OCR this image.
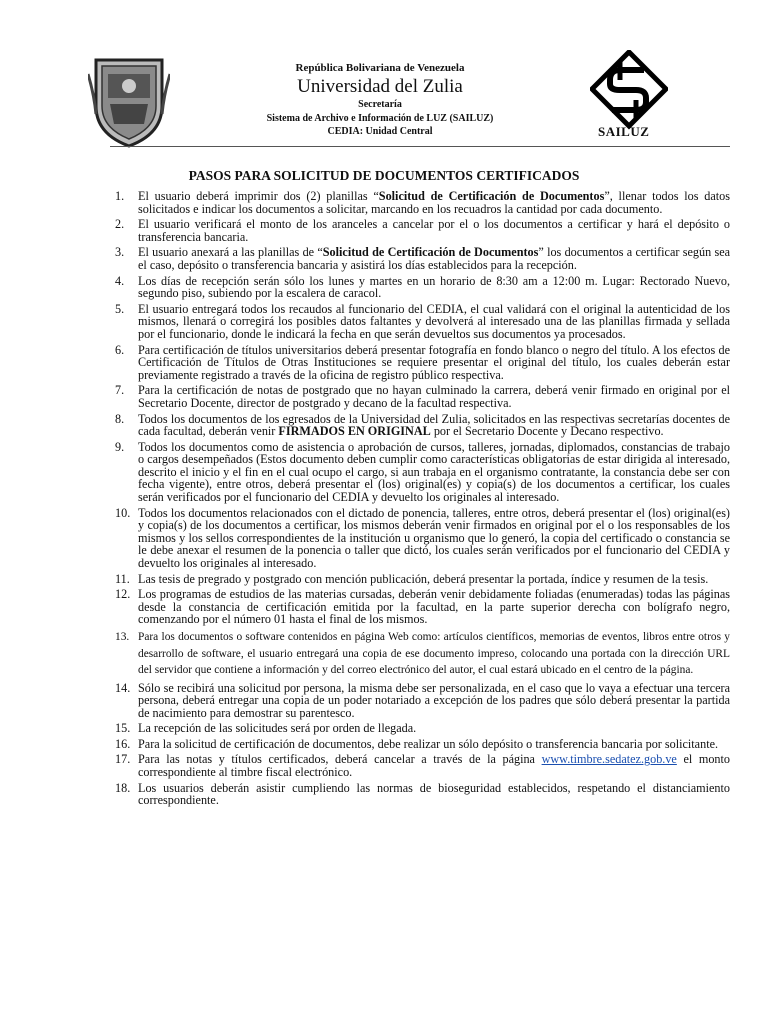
República Bolivariana de Venezuela
Universidad del Zulia
Secretaría
Sistema de Archivo e Información de LUZ (SAILUZ)
CEDIA: Unidad Central	SAILUZ
PASOS PARA SOLICITUD DE DOCUMENTOS CERTIFICADOS
1. El usuario deberá imprimir dos (2) planillas “Solicitud de Certificación de Documentos”, llenar todos los datos solicitados e indicar los documentos a solicitar, marcando en los recuadros la cantidad por cada documento.
2. El usuario verificará el monto de los aranceles a cancelar por el o los documentos a certificar y hará el depósito o transferencia bancaria.
3. El usuario anexará a las planillas de “Solicitud de Certificación de Documentos” los documentos a certificar según sea el caso, depósito o transferencia bancaria y asistirá los días establecidos para la recepción.
4. Los días de recepción serán sólo los lunes y martes en un horario de 8:30 am a 12:00 m. Lugar: Rectorado Nuevo, segundo piso, subiendo por la escalera de caracol.
5. El usuario entregará todos los recaudos al funcionario del CEDIA, el cual validará con el original la autenticidad de los mismos, llenará o corregirá los posibles datos faltantes y devolverá al interesado una de las planillas firmada y sellada por el funcionario, donde le indicará la fecha en que serán devueltos sus documentos ya procesados.
6. Para certificación de títulos universitarios deberá presentar fotografía en fondo blanco o negro del título. A los efectos de Certificación de Títulos de Otras Instituciones se requiere presentar el original del título, los cuales deberán estar previamente registrado a través de la oficina de registro público respectiva.
7. Para la certificación de notas de postgrado que no hayan culminado la carrera, deberá venir firmado en original por el Secretario Docente, director de postgrado y decano de la facultad respectiva.
8. Todos los documentos de los egresados de la Universidad del Zulia, solicitados en las respectivas secretarías docentes de cada facultad, deberán venir FIRMADOS EN ORIGINAL por el Secretario Docente y Decano respectivo.
9. Todos los documentos como de asistencia o aprobación de cursos, talleres, jornadas, diplomados, constancias de trabajo o cargos desempeñados (Estos documento deben cumplir como características obligatorias de estar dirigida al interesado, descrito el inicio y el fin en el cual ocupo el cargo, si aun trabaja en el organismo contratante, la constancia debe ser con fecha vigente), entre otros, deberá presentar el (los) original(es) y copia(s) de los documentos a certificar, los cuales serán verificados por el funcionario del CEDIA y devuelto los originales al interesado.
10. Todos los documentos relacionados con el dictado de ponencia, talleres, entre otros, deberá presentar el (los) original(es) y copia(s) de los documentos a certificar, los mismos deberán venir firmados en original por el o los responsables de los mismos y los sellos correspondientes de la institución u organismo que lo generó, la copia del certificado o constancia se le debe anexar el resumen de la ponencia o taller que dictó, los cuales serán verificados por el funcionario del CEDIA y devuelto los originales al interesado.
11. Las tesis de pregrado y postgrado con mención publicación, deberá presentar la portada, índice y resumen de la tesis.
12. Los programas de estudios de las materias cursadas, deberán venir debidamente foliadas (enumeradas) todas las páginas desde la constancia de certificación emitida por la facultad, en la parte superior derecha con bolígrafo negro, comenzando por el número 01 hasta el final de los mismos.
13. Para los documentos o software contenidos en página Web como: artículos científicos, memorias de eventos, libros entre otros y desarrollo de software, el usuario entregará una copia de ese documento impreso, colocando una portada con la dirección URL del servidor que contiene a información y del correo electrónico del autor, el cual estará ubicado en el centro de la página.
14. Sólo se recibirá una solicitud por persona, la misma debe ser personalizada, en el caso que lo vaya a efectuar una tercera persona, deberá entregar una copia de un poder notariado a excepción de los padres que sólo deberá presentar la partida de nacimiento para demostrar su parentesco.
15. La recepción de las solicitudes será por orden de llegada.
16. Para la solicitud de certificación de documentos, debe realizar un sólo depósito o transferencia bancaria por solicitante.
17. Para las notas y títulos certificados, deberá cancelar a través de la página www.timbre.sedatez.gob.ve el monto correspondiente al timbre fiscal electrónico.
18. Los usuarios deberán asistir cumpliendo las normas de bioseguridad establecidos, respetando el distanciamiento correspondiente.
